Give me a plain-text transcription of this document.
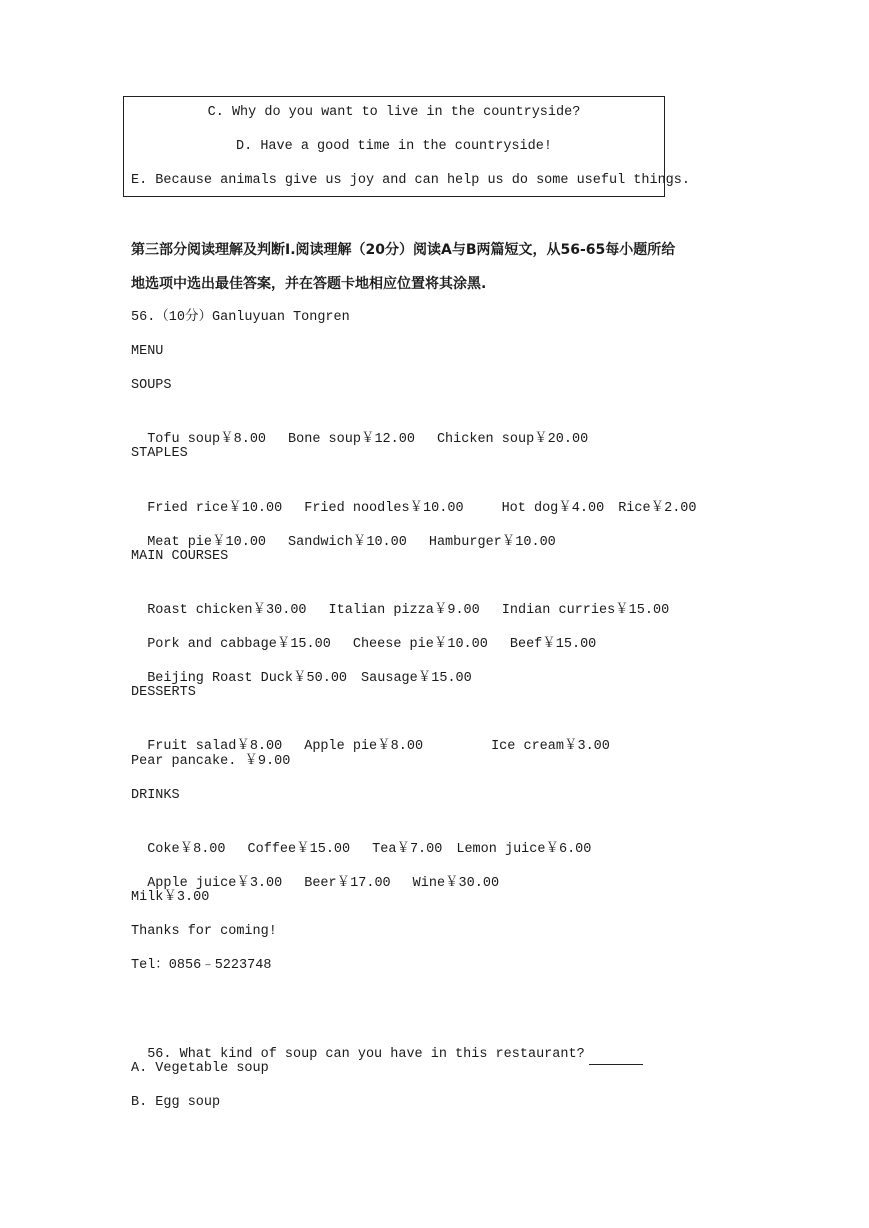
C. Why do you want to live in the countryside?
D. Have a good time in the countryside!
E. Because animals give us joy and can help us do some useful things.
第三部分阅读理解及判断Ⅰ.阅读理解（20分）阅读A与B两篇短文，从56-65每小题所给
地选项中选出最佳答案，并在答题卡地相应位置将其涂黑.
56.（10分）Ganluyuan Tongren
MENU
SOUPS

Tofu soup￥8.00 Bone soup￥12.00 Chicken soup￥20.00

STAPLES

Fried rice￥10.00 Fried noodles￥10.00	Hot dog￥4.00 Rice￥2.00

Meat pie￥10.00 Sandwich￥10.00 Hamburger￥10.00

MAIN COURSES

Roast chicken￥30.00 Italian pizza￥9.00 Indian curries￥15.00

Pork and cabbage￥15.00 Cheese pie￥10.00 Beef￥15.00

Beijing Roast Duck￥50.00 Sausage￥15.00

DESSERTS

Fruit salad￥8.00 Apple pie￥8.00	Ice cream￥3.00

Pear pancake. ￥9.00
DRINKS

Coke￥8.00 Coffee￥15.00 Tea￥7.00 Lemon juice￥6.00

Apple juice￥3.00 Beer￥17.00 Wine￥30.00

Milk￥3.00
Thanks for coming!
Tel：0856﹣5223748

56. What kind of soup can you have in this restaurant?

A. Vegetable soup
B. Egg soup
